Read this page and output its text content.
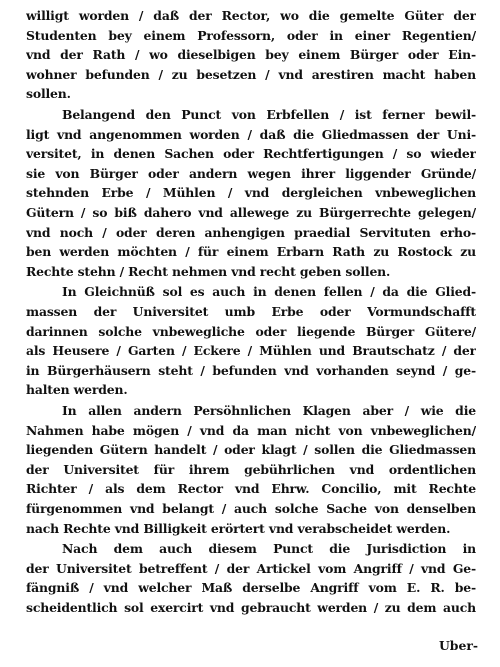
willigt worden / daß der Rector, wo die gemelte Güter der
Studenten bey einem Professorn, oder in einer Regentien/
vnd der Rath / wo dieselbigen bey einem Bürger oder Ein-
wohner befunden / zu besetzen / vnd arestiren macht haben
sollen.
Belangend den Punct von Erbfellen / ist ferner bewil-
ligt vnd angenommen worden / daß die Gliedmassen der Uni-
versitet, in denen Sachen oder Rechtfertigungen / so wieder
sie von Bürger oder andern wegen ihrer liggender Gründe/
stehnden Erbe / Mühlen / vnd dergleichen vnbeweglichen
Gütern / so biß dahero vnd allewege zu Bürgerrechte gelegen/
vnd noch / oder deren anhengigen praedial Servituten erho-
ben werden möchten / für einem Erbarn Rath zu Rostock zu
Rechte stehn / Recht nehmen vnd recht geben sollen.
In Gleichnüß sol es auch in denen fellen / da die Glied-
massen der Universitet umb Erbe oder Vormundschafft
darinnen solche vnbewegliche oder liegende Bürger Gütere/
als Heusere / Garten / Eckere / Mühlen und Brautschatz / der
in Bürgerhäusern steht / befunden vnd vorhanden seynd / ge-
halten werden.
In allen andern Persöhnlichen Klagen aber / wie die
Nahmen habe mögen / vnd da man nicht von vnbeweglichen/
liegenden Gütern handelt / oder klagt / sollen die Gliedmassen
der Universitet für ihrem gebührlichen vnd ordentlichen
Richter / als dem Rector vnd Ehrw. Concilio, mit Rechte
fürgenommen vnd belangt / auch solche Sache von denselben
nach Rechte vnd Billigkeit erörtert vnd verabscheidet werden.
Nach dem auch diesem Punct die Jurisdiction in
der Universitet betreffent / der Artickel vom Angriff / vnd Ge-
fängniß / vnd welcher Maß derselbe Angriff vom E. R. be-
scheidentlich sol exercirt vnd gebraucht werden / zu dem auch
Uber-
